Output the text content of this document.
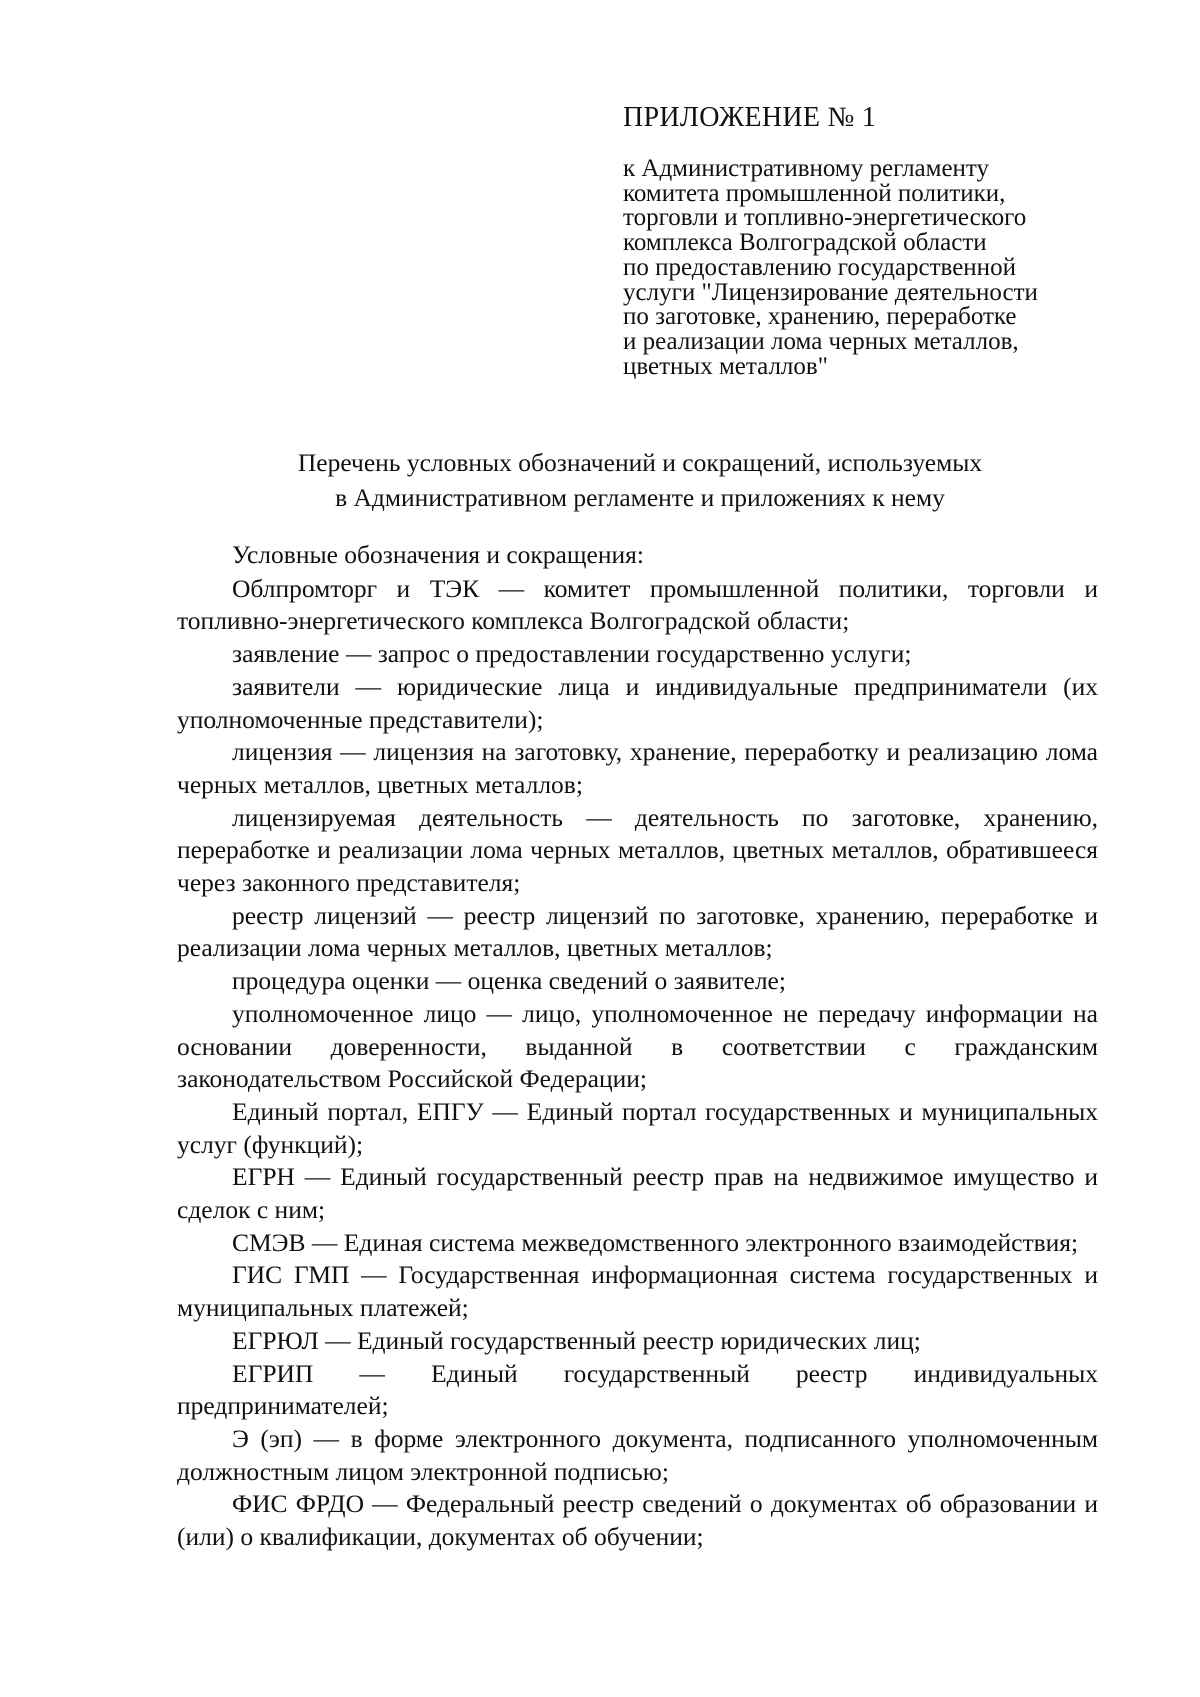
ПРИЛОЖЕНИЕ № 1
к Административному регламенту
комитета промышленной политики,
торговли и топливно-энергетического
комплекса Волгоградской области
по предоставлению государственной
услуги "Лицензирование деятельности
по заготовке, хранению, переработке
и реализации лома черных металлов,
цветных металлов"
Перечень условных обозначений и сокращений, используемых
в Административном регламенте и приложениях к нему

Условные обозначения и сокращения:

Облпромторг и ТЭК — комитет промышленной политики, торговли и топливно-энергетического комплекса Волгоградской области;

заявление — запрос о предоставлении государственно услуги;

заявители — юридические лица и индивидуальные предприниматели (их уполномоченные представители);

лицензия — лицензия на заготовку, хранение, переработку и реализацию лома черных металлов, цветных металлов;

лицензируемая деятельность — деятельность по заготовке, хранению, переработке и реализации лома черных металлов, цветных металлов, обратившееся через законного представителя;

реестр лицензий — реестр лицензий по заготовке, хранению, переработке и реализации лома черных металлов, цветных металлов;

процедура оценки — оценка сведений о заявителе;

уполномоченное лицо — лицо, уполномоченное не передачу информации на основании доверенности, выданной в соответствии с гражданским законодательством Российской Федерации;

Единый портал, ЕПГУ — Единый портал государственных и муниципальных услуг (функций);

ЕГРН — Единый государственный реестр прав на недвижимое имущество и сделок с ним;

СМЭВ — Единая система межведомственного электронного взаимодействия;

ГИС ГМП — Государственная информационная система государственных и муниципальных платежей;

ЕГРЮЛ — Единый государственный реестр юридических лиц;

ЕГРИП — Единый государственный реестр индивидуальных предпринимателей;

Э (эп) — в форме электронного документа, подписанного уполномоченным должностным лицом электронной подписью;

ФИС ФРДО — Федеральный реестр сведений о документах об образовании и (или) о квалификации, документах об обучении;
